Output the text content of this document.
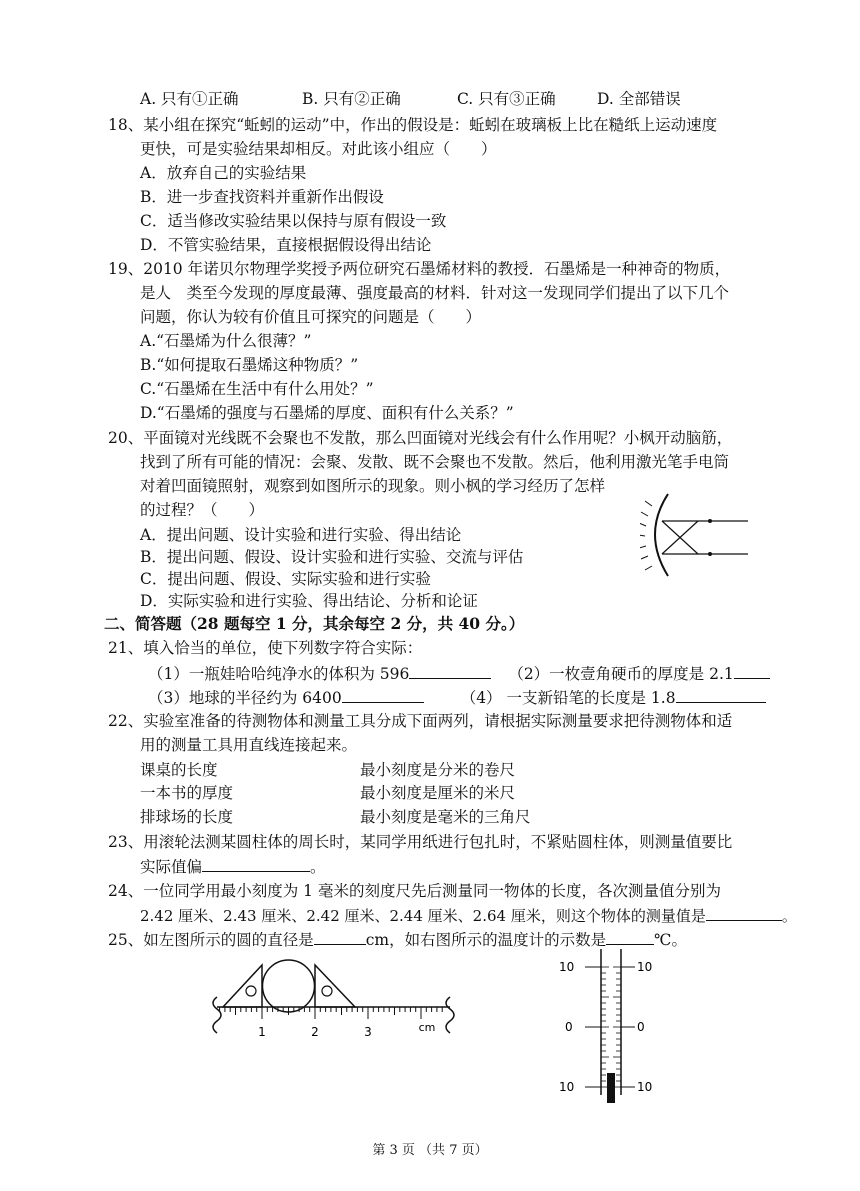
A. 只有①正确	B. 只有②正确	C. 只有③正确	D. 全部错误
18、某小组在探究“蚯蚓的运动”中，作出的假设是：蚯蚓在玻璃板上比在糙纸上运动速度
更快，可是实验结果却相反。对此该小组应（　　）
A．放弃自己的实验结果
B．进一步查找资料并重新作出假设
C．适当修改实验结果以保持与原有假设一致
D．不管实验结果，直接根据假设得出结论
19、2010 年诺贝尔物理学奖授予两位研究石墨烯材料的教授．石墨烯是一种神奇的物质，
是人　类至今发现的厚度最薄、强度最高的材料．针对这一发现同学们提出了以下几个
问题，你认为较有价值且可探究的问题是（　　）
A.“石墨烯为什么很薄？”
B.“如何提取石墨烯这种物质？”
C.“石墨烯在生活中有什么用处？”
D.“石墨烯的强度与石墨烯的厚度、面积有什么关系？”
20、平面镜对光线既不会聚也不发散，那么凹面镜对光线会有什么作用呢？小枫开动脑筋，
找到了所有可能的情况：会聚、发散、既不会聚也不发散。然后，他利用激光笔手电筒
对着凹面镜照射，观察到如图所示的现象。则小枫的学习经历了怎样
的过程？（　　）
A．提出问题、设计实验和进行实验、得出结论
B．提出问题、假设、设计实验和进行实验、交流与评估
C．提出问题、假设、实际实验和进行实验
D．实际实验和进行实验、得出结论、分析和论证
二、简答题（28 题每空 1 分，其余每空 2 分，共 40 分。）
21、填入恰当的单位，使下列数字符合实际：
（1）一瓶娃哈哈纯净水的体积为 596	（2）一枚壹角硬币的厚度是 2.1
（3）地球的半径约为 6400	（4） 一支新铅笔的长度是 1.8
22、实验室准备的待测物体和测量工具分成下面两列，请根据实际测量要求把待测物体和适
用的测量工具用直线连接起来。
课桌的长度	最小刻度是分米的卷尺
一本书的厚度	最小刻度是厘米的米尺
排球场的长度	最小刻度是毫米的三角尺
23、用滚轮法测某圆柱体的周长时，某同学用纸进行包扎时，不紧贴圆柱体，则测量值要比
实际值偏	。
24、一位同学用最小刻度为 1 毫米的刻度尺先后测量同一物体的长度，各次测量值分别为
2.42 厘米、2.43 厘米、2.42 厘米、2.44 厘米、2.64 厘米，则这个物体的测量值是	。
25、如左图所示的圆的直径是	cm，如右图所示的温度计的示数是	℃。
1	2	3	cm
10
0
10
10
0
10
第 3 页 （共 7 页）
